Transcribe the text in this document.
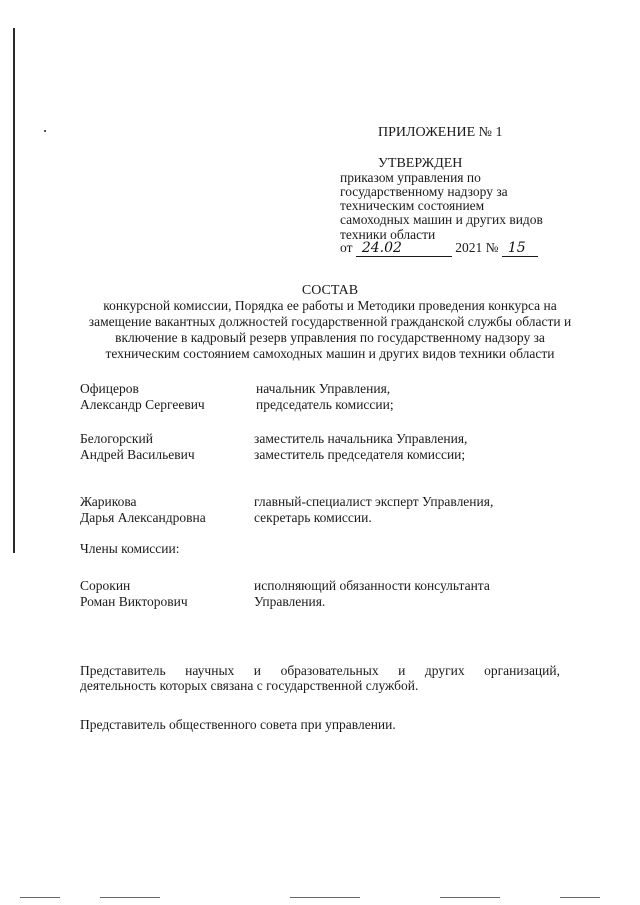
ПРИЛОЖЕНИЕ № 1
УТВЕРЖДЕН
приказом управления по
государственному надзору за
техническим состоянием
самоходных машин и других видов
техники области
от 24.02	2021 № 15
СОСТАВ
конкурсной комиссии, Порядка ее работы и Методики проведения конкурса на
замещение вакантных должностей государственной гражданской службы области и
включение в кадровый резерв управления по государственному надзору за
техническим состоянием самоходных машин и других видов техники области
Офицеров
Александр Сергеевич
начальник Управления,
председатель комиссии;
Белогорский
Андрей Васильевич
заместитель начальника Управления,
заместитель председателя комиссии;
Жарикова
Дарья Александровна
главный-специалист эксперт Управления,
секретарь комиссии.
Члены комиссии:
Сорокин
Роман Викторович
исполняющий обязанности консультанта
Управления.
Представитель научных и образовательных и других организаций,
деятельность которых связана с государственной службой.
Представитель общественного совета при управлении.
